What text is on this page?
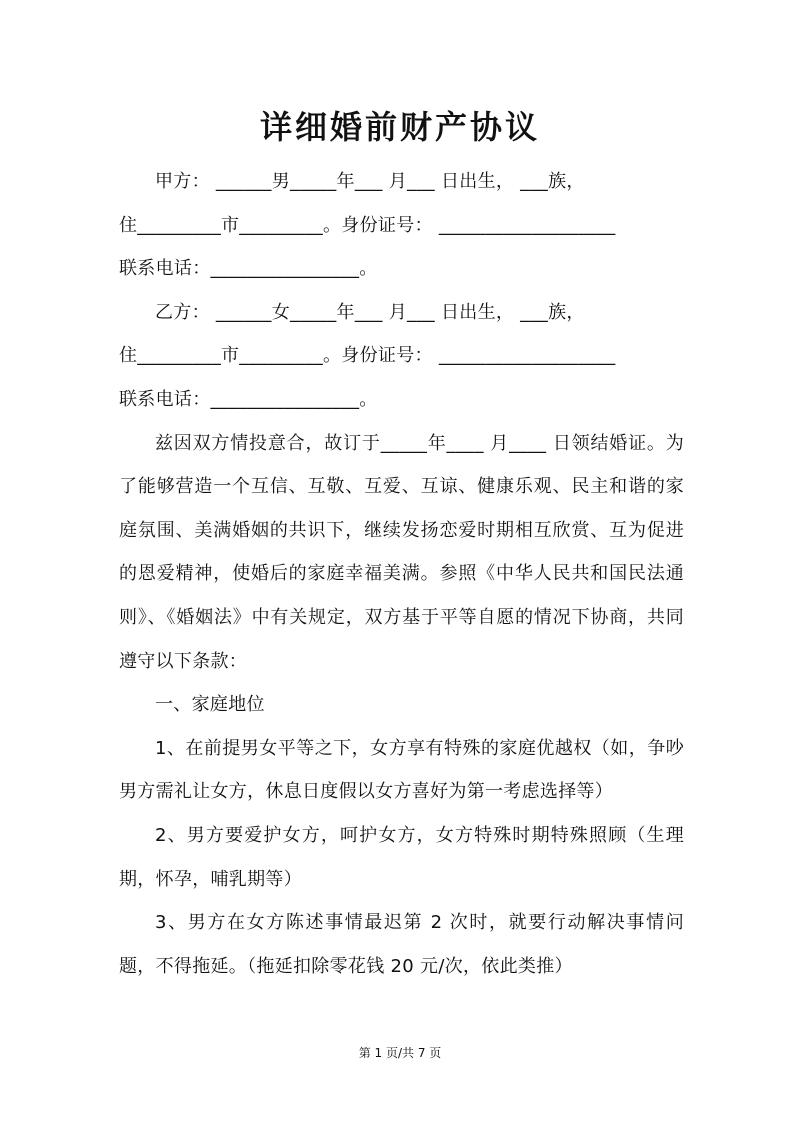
详细婚前财产协议

甲方： ______男_____年___ 月___ 日出生， ___族，

住_________市_________。身份证号： ___________________

联系电话：________________。

乙方： ______女_____年___ 月___ 日出生， ___族，

住_________市_________。身份证号： ___________________

联系电话：________________。

兹因双方情投意合，故订于_____年____ 月____ 日领结婚证。为了能够营造一个互信、互敬、互爱、互谅、健康乐观、民主和谐的家庭氛围、美满婚姻的共识下，继续发扬恋爱时期相互欣赏、互为促进的恩爱精神，使婚后的家庭幸福美满。参照《中华人民共和国民法通则》、《婚姻法》中有关规定，双方基于平等自愿的情况下协商，共同遵守以下条款：

一、家庭地位

1、在前提男女平等之下，女方享有特殊的家庭优越权（如，争吵男方需礼让女方，休息日度假以女方喜好为第一考虑选择等）

2、男方要爱护女方，呵护女方，女方特殊时期特殊照顾（生理期，怀孕，哺乳期等）

3、男方在女方陈述事情最迟第 2 次时，就要行动解决事情问题，不得拖延。（拖延扣除零花钱 20 元/次，依此类推）

第 1 页/共 7 页
